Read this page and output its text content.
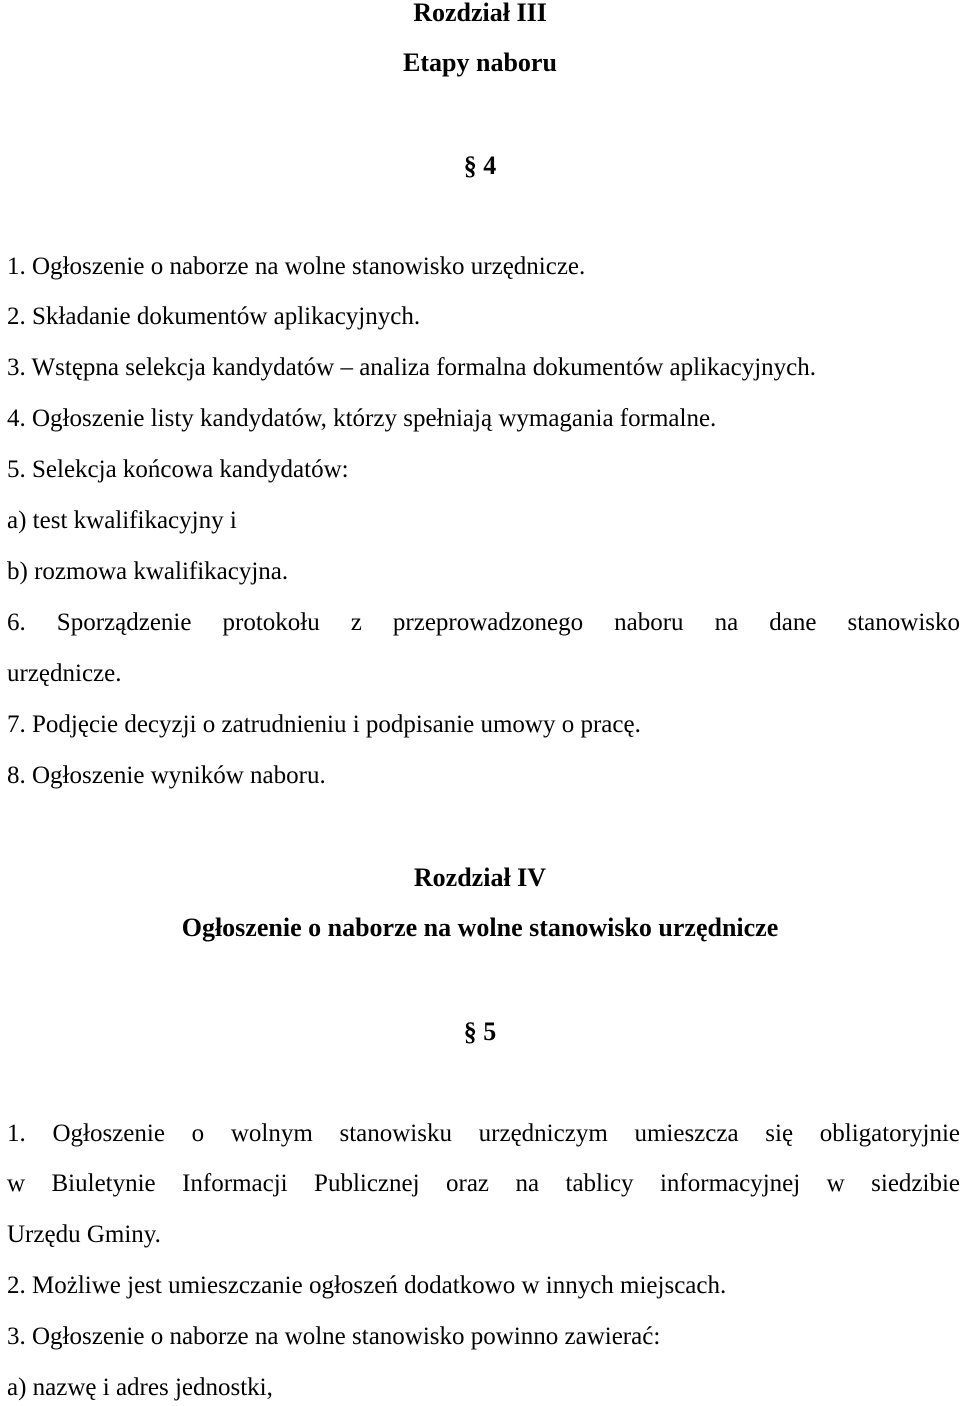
Rozdział III
Etapy naboru
§ 4
1. Ogłoszenie o naborze na wolne stanowisko urzędnicze.
2. Składanie dokumentów aplikacyjnych.
3. Wstępna selekcja kandydatów – analiza formalna dokumentów aplikacyjnych.
4. Ogłoszenie listy kandydatów, którzy spełniają wymagania formalne.
5. Selekcja końcowa kandydatów:
a) test kwalifikacyjny i
b) rozmowa kwalifikacyjna.
6. Sporządzenie protokołu z przeprowadzonego naboru na dane stanowisko
urzędnicze.
7. Podjęcie decyzji o zatrudnieniu i podpisanie umowy o pracę.
8. Ogłoszenie wyników naboru.
Rozdział IV
Ogłoszenie o naborze na wolne stanowisko urzędnicze
§ 5
1. Ogłoszenie o wolnym stanowisku urzędniczym umieszcza się obligatoryjnie
w Biuletynie Informacji Publicznej oraz na tablicy informacyjnej w siedzibie
Urzędu Gminy.
2. Możliwe jest umieszczanie ogłoszeń dodatkowo w innych miejscach.
3. Ogłoszenie o naborze na wolne stanowisko powinno zawierać:
a) nazwę i adres jednostki,
